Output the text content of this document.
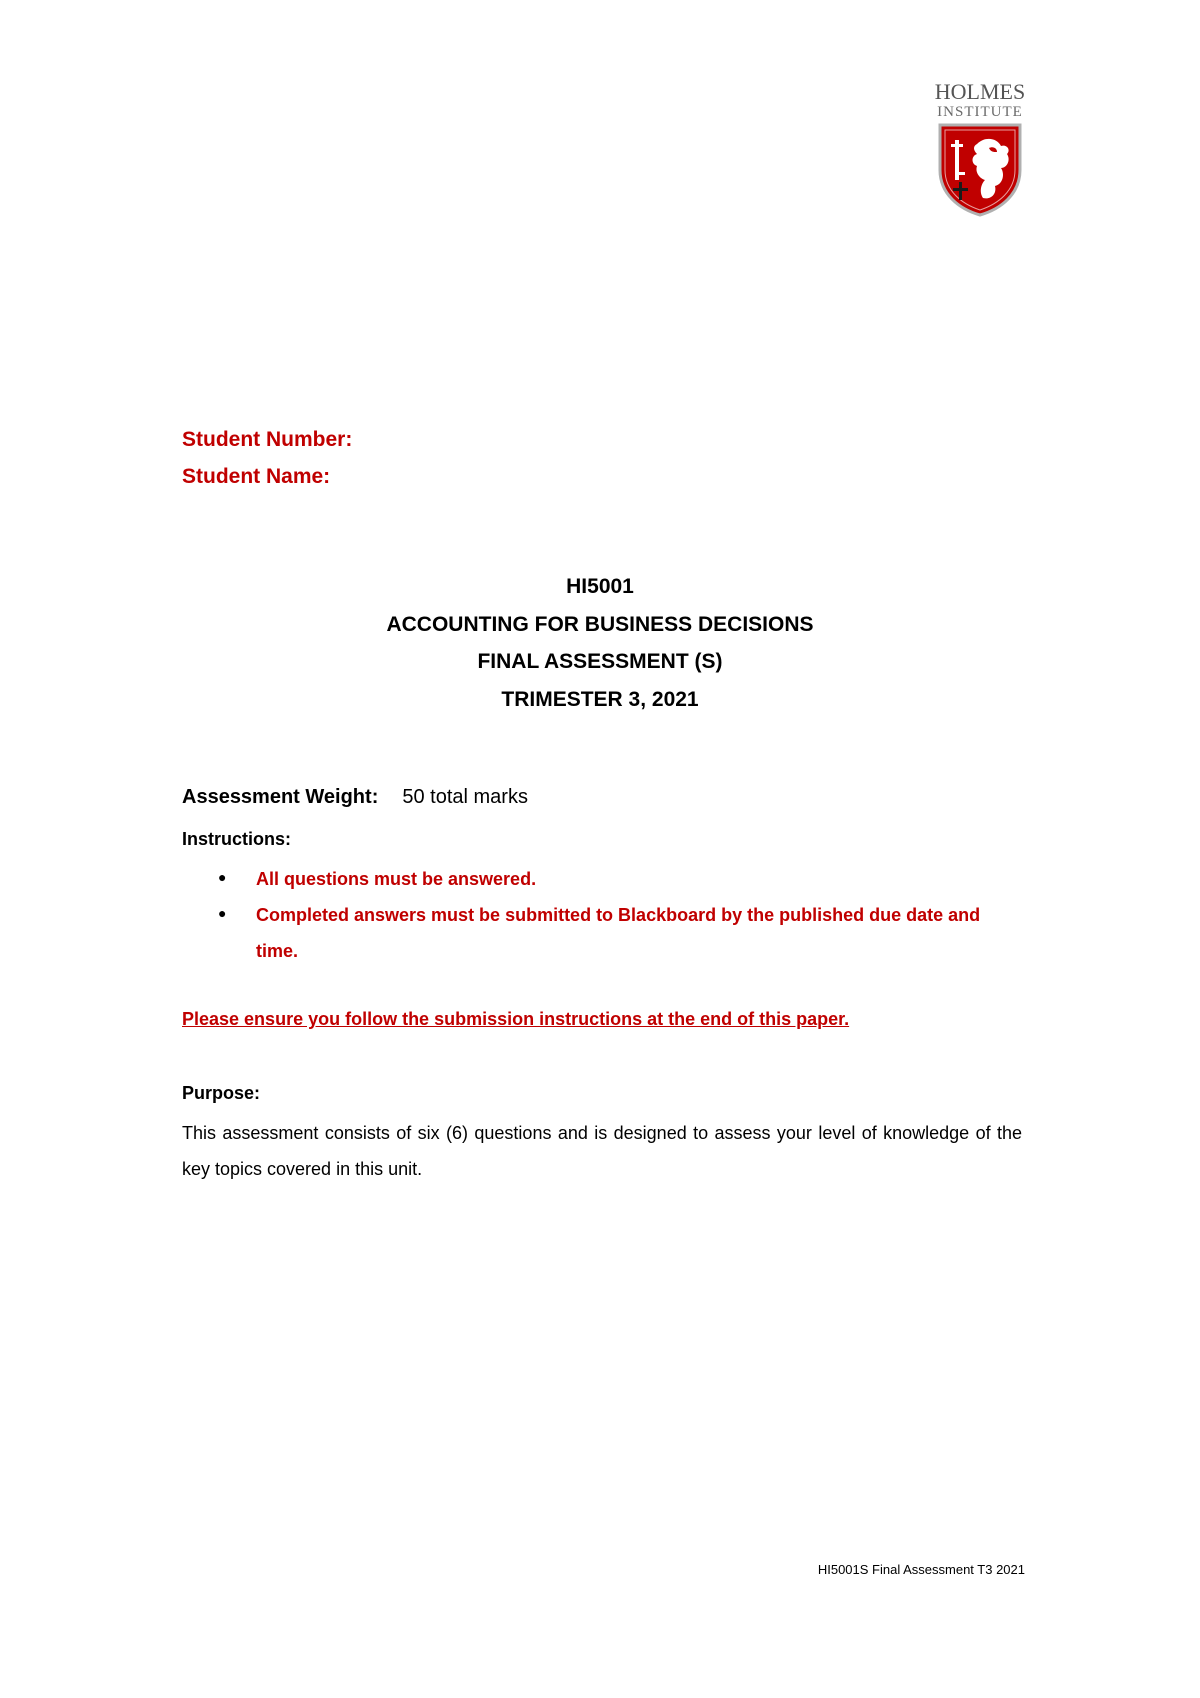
HOLMES
INSTITUTE
Student Number:
Student Name:
HI5001
ACCOUNTING FOR BUSINESS DECISIONS
FINAL ASSESSMENT (S)
TRIMESTER 3, 2021
Assessment Weight: 50 total marks
Instructions:
● All questions must be answered.
● Completed answers must be submitted to Blackboard by the published due date and time.
Please ensure you follow the submission instructions at the end of this paper.
Purpose:
This assessment consists of six (6) questions and is designed to assess your level of knowledge of the key topics covered in this unit.
HI5001S Final Assessment T3 2021
